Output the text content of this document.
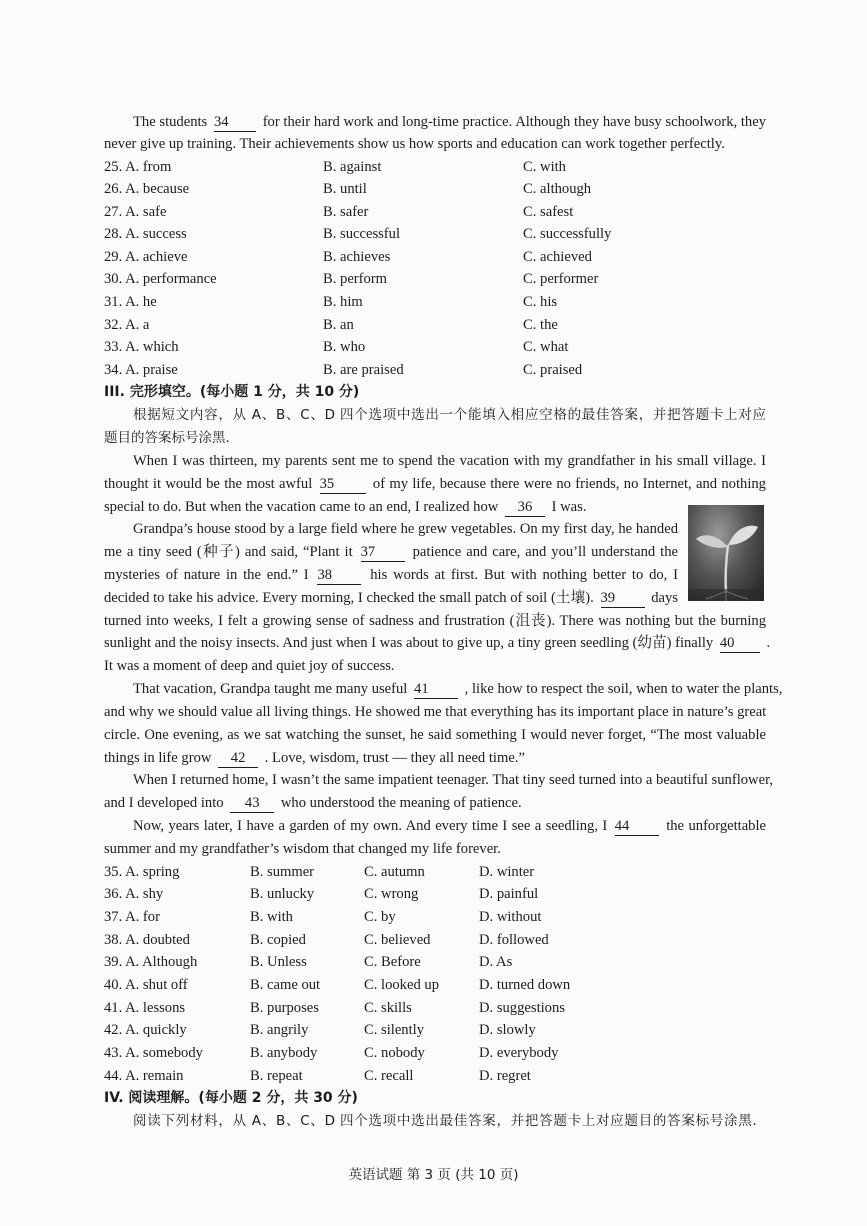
The students 34 for their hard work and long-time practice. Although they have busy schoolwork, they
never give up training. Their achievements show us how sports and education can work together perfectly.
25. A. from	B. against	C. with
26. A. because	B. until	C. although
27. A. safe	B. safer	C. safest
28. A. success	B. successful	C. successfully
29. A. achieve	B. achieves	C. achieved
30. A. performance	B. perform	C. performer
31. A. he	B. him	C. his
32. A. a	B. an	C. the
33. A. which	B. who	C. what
34. A. praise	B. are praised	C. praised
III. 完形填空。(每小题 1 分，共 10 分)
根据短文内容，从 A、B、C、D 四个选项中选出一个能填入相应空格的最佳答案，并把答题卡上对应
题目的答案标号涂黑．
When I was thirteen, my parents sent me to spend the vacation with my grandfather in his small village. I
thought it would be the most awful 35	of my life, because there were no friends, no Internet, and nothing
special to do. But when the vacation came to an end, I realized how 36 I was.
Grandpa’s house stood by a large field where he grew vegetables. On my first day, he handed
me a tiny seed (种子) and said, “Plant it 37	patience and care, and you’ll understand the
mysteries of nature in the end.” I 38	his words at first. But with nothing better to do, I
decided to take his advice. Every morning, I checked the small patch of soil (土壤). 39 days
turned into weeks, I felt a growing sense of sadness and frustration (沮丧). There was nothing but the burning
sunlight and the noisy insects. And just when I was about to give up, a tiny green seedling (幼苗) finally 40 .
It was a moment of deep and quiet joy of success.
That vacation, Grandpa taught me many useful 41 , like how to respect the soil, when to water the plants,
and why we should value all living things. He showed me that everything has its important place in nature’s great
circle. One evening, as we sat watching the sunset, he said something I would never forget, “The most valuable
things in life grow 42 . Love, wisdom, trust — they all need time.”
When I returned home, I wasn’t the same impatient teenager. That tiny seed turned into a beautiful sunflower,
and I developed into 43 who understood the meaning of patience.
Now, years later, I have a garden of my own. And every time I see a seedling, I 44	the unforgettable
summer and my grandfather’s wisdom that changed my life forever.
35. A. spring	B. summer	C. autumn	D. winter
36. A. shy	B. unlucky	C. wrong	D. painful
37. A. for	B. with	C. by	D. without
38. A. doubted	B. copied	C. believed	D. followed
39. A. Although	B. Unless	C. Before	D. As
40. A. shut off	B. came out	C. looked up	D. turned down
41. A. lessons	B. purposes	C. skills	D. suggestions
42. A. quickly	B. angrily	C. silently	D. slowly
43. A. somebody	B. anybody	C. nobody	D. everybody
44. A. remain	B. repeat	C. recall	D. regret
IV. 阅读理解。(每小题 2 分，共 30 分)
阅读下列材料，从 A、B、C、D 四个选项中选出最佳答案，并把答题卡上对应题目的答案标号涂黑．
英语试题 第 3 页 (共 10 页)
